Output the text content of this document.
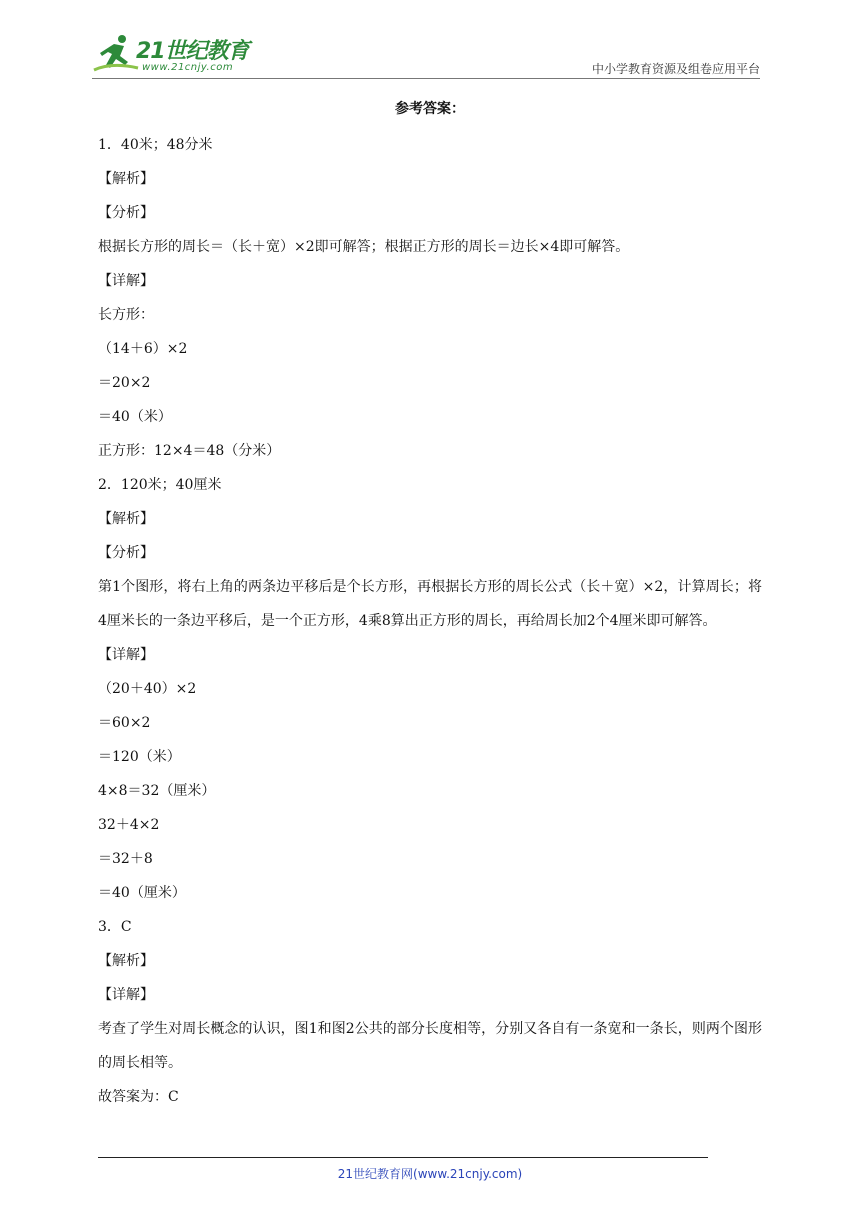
21世纪教育
www.21cnjy.com	中小学教育资源及组卷应用平台
参考答案：
1．40米；48分米
【解析】
【分析】
根据长方形的周长＝（长＋宽）×2即可解答；根据正方形的周长＝边长×4即可解答。
【详解】
长方形：
（14＋6）×2
＝20×2
＝40（米）
正方形：12×4＝48（分米）
2．120米；40厘米
【解析】
【分析】
第1个图形，将右上角的两条边平移后是个长方形，再根据长方形的周长公式（长＋宽）×2，计算周长；将4厘米长的一条边平移后，是一个正方形，4乘8算出正方形的周长，再给周长加2个4厘米即可解答。
【详解】
（20＋40）×2
＝60×2
＝120（米）
4×8＝32（厘米）
32＋4×2
＝32＋8
＝40（厘米）
3．C
【解析】
【详解】
考查了学生对周长概念的认识，图1和图2公共的部分长度相等，分别又各自有一条宽和一条长，则两个图形的周长相等。
故答案为：C
21世纪教育网(www.21cnjy.com)
